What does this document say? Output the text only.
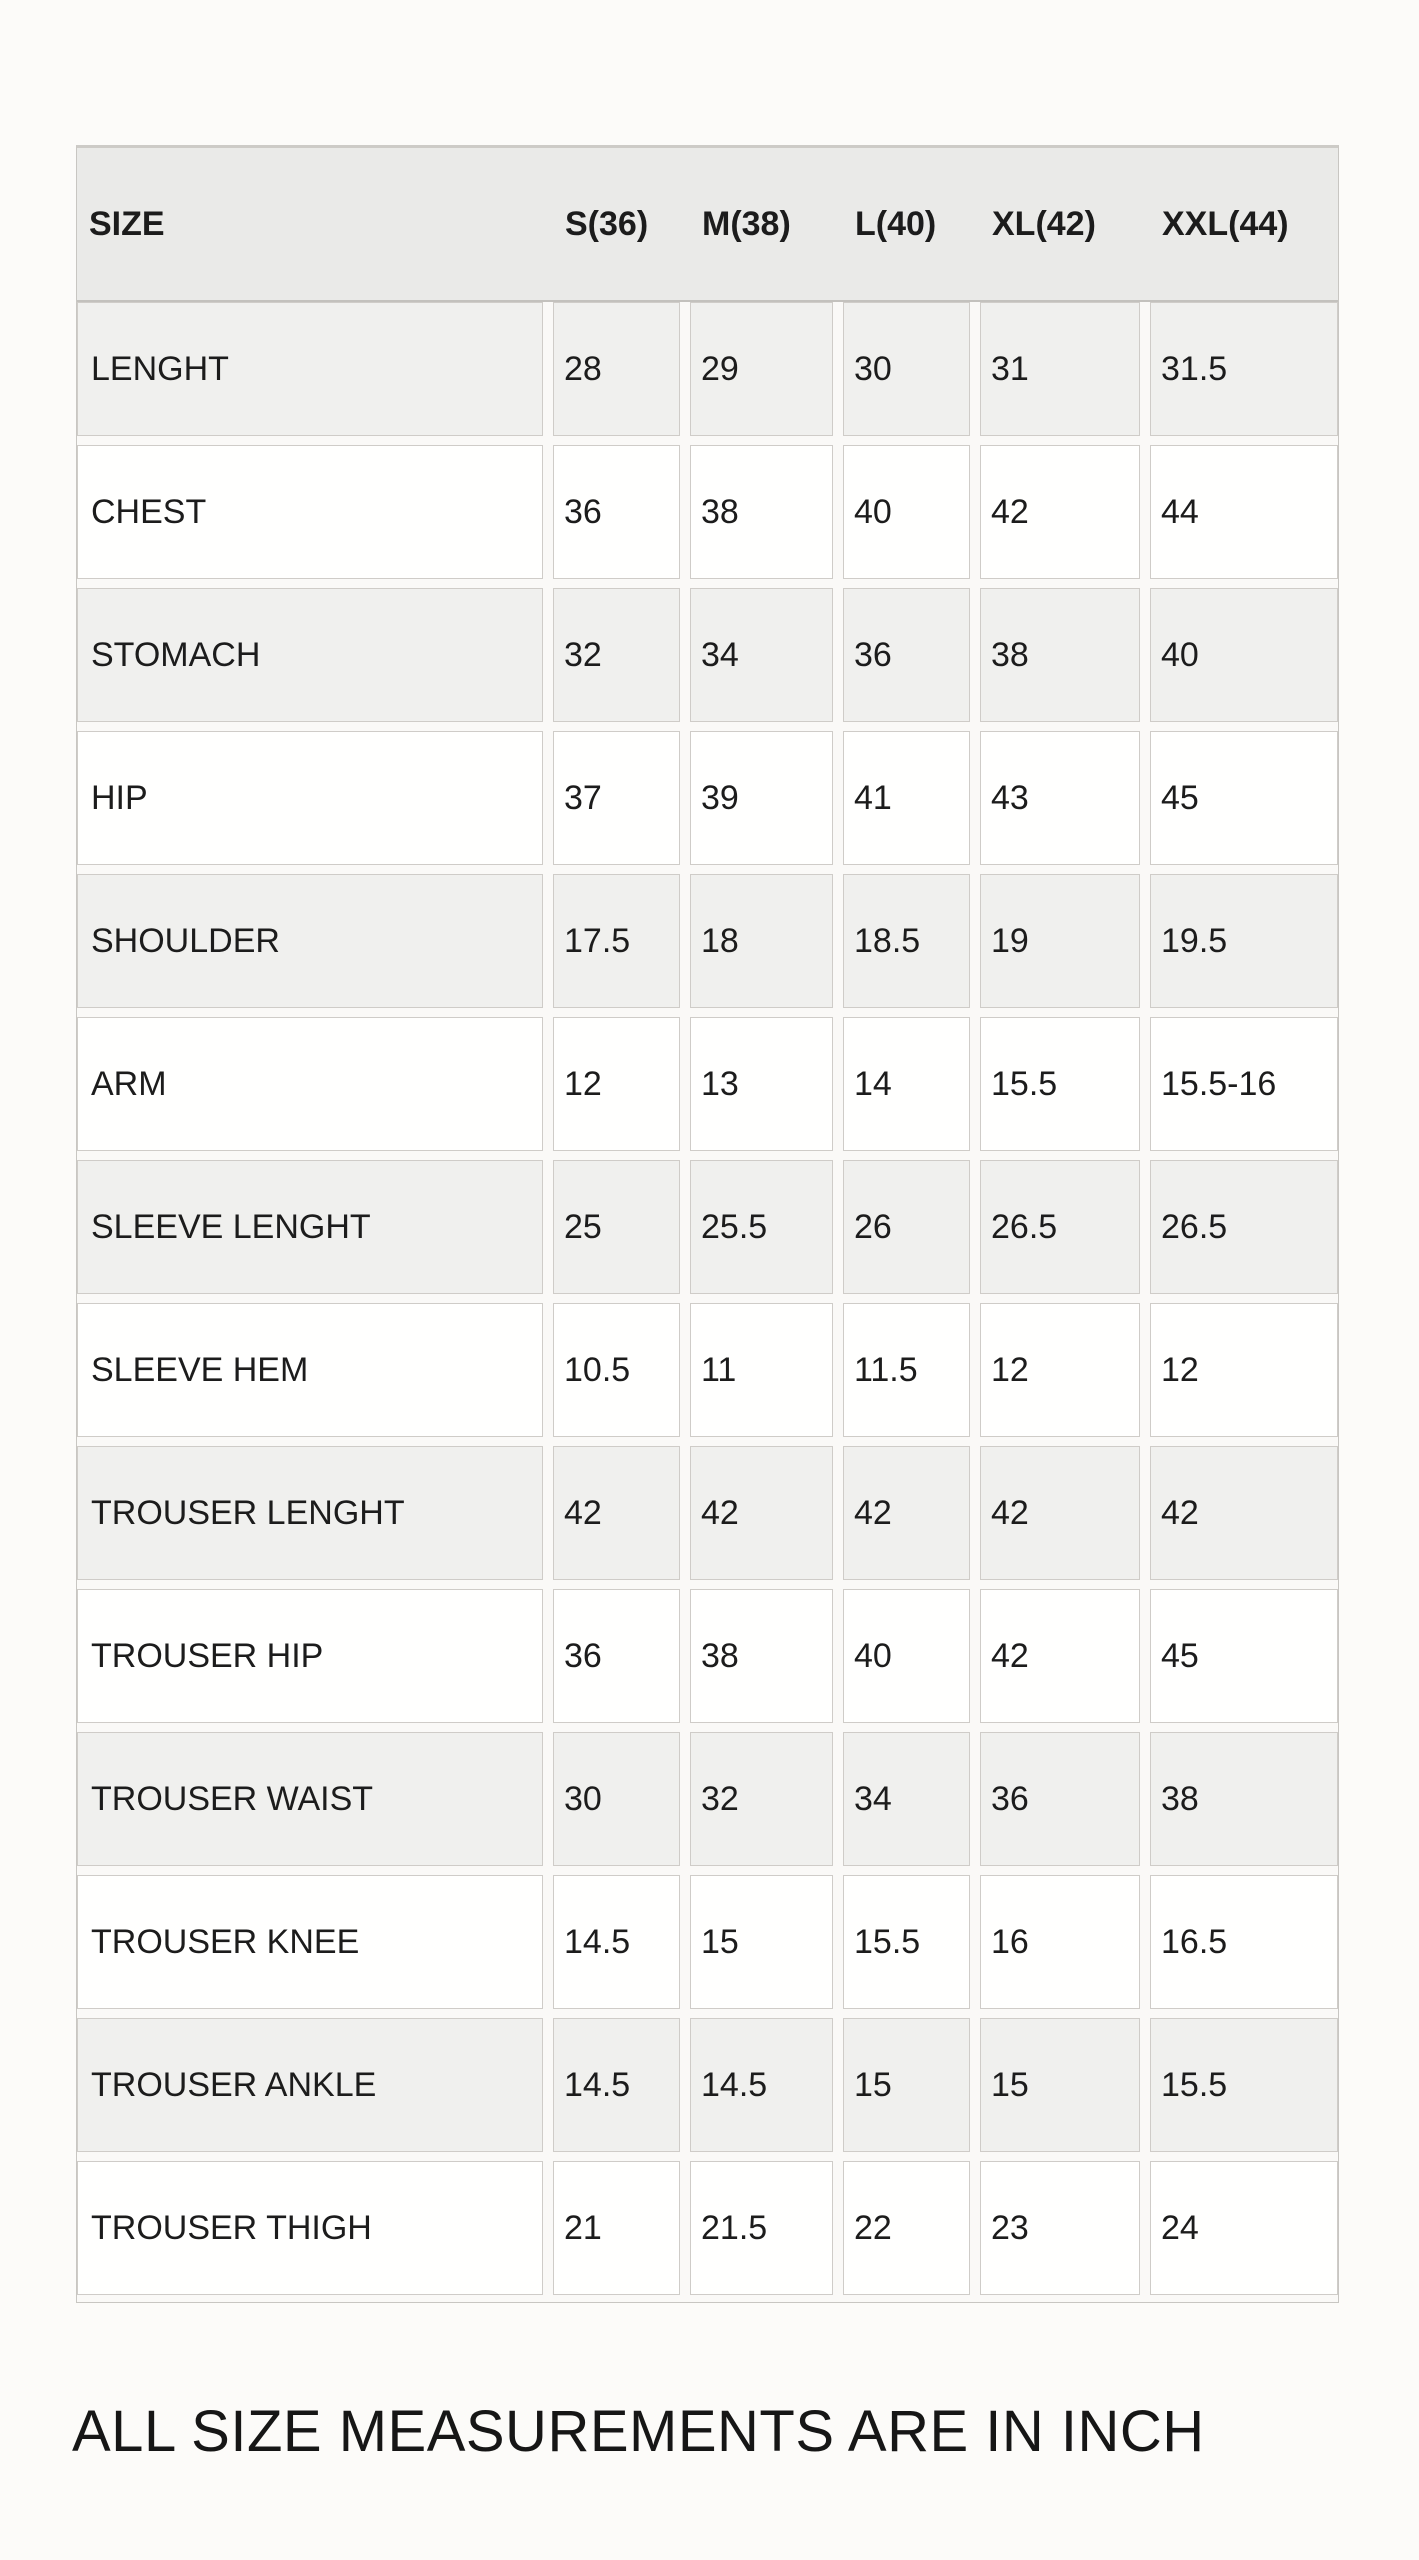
SIZE	S(36)	M(38)	L(40)	XL(42)	XXL(44)
LENGHT	28	29	30	31	31.5
CHEST	36	38	40	42	44
STOMACH	32	34	36	38	40
HIP	37	39	41	43	45
SHOULDER	17.5	18	18.5	19	19.5
ARM	12	13	14	15.5	15.5-16
SLEEVE LENGHT	25	25.5	26	26.5	26.5
SLEEVE HEM	10.5	11	11.5	12	12
TROUSER LENGHT	42	42	42	42	42
TROUSER HIP	36	38	40	42	45
TROUSER WAIST	30	32	34	36	38
TROUSER KNEE	14.5	15	15.5	16	16.5
TROUSER ANKLE	14.5	14.5	15	15	15.5
TROUSER THIGH	21	21.5	22	23	24
ALL SIZE MEASUREMENTS ARE IN INCH
